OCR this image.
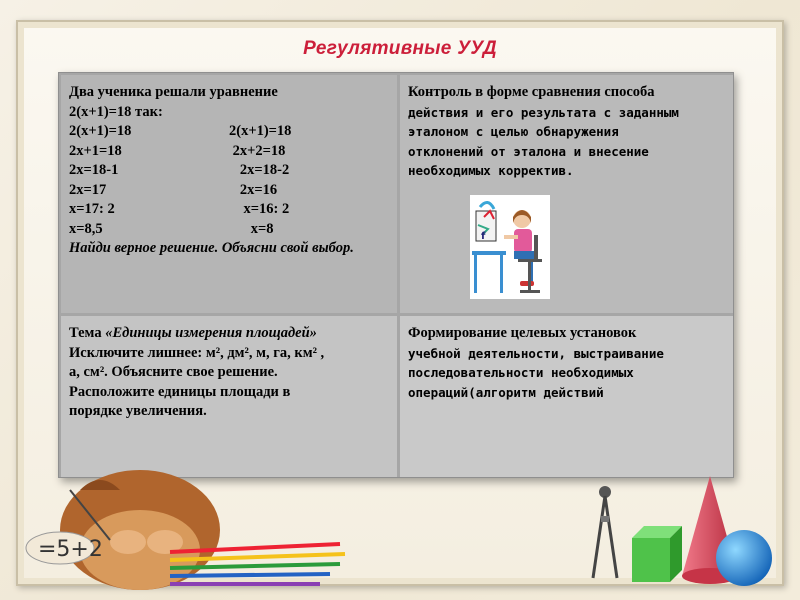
Регулятивные УУД
Два ученика решали уравнение
2(х+1)=18 так:
2(х+1)=18	2(х+1)=18
2х+1=18	2х+2=18
2х=18-1	2х=18-2
2х=17	2х=16
х=17: 2	х=16: 2
х=8,5	х=8
Найди верное решение. Объясни свой выбор.
Контроль в форме сравнения способа
действия и его результата с заданным
эталоном с целью обнаружения
отклонений от эталона и внесение
необходимых корректив.
f
Тема «Единицы измерения площадей»
Исключите лишнее: м², дм², м, га, км² ,
а, см². Объясните свое решение.
Расположите единицы площади в
порядке увеличения.
Формирование целевых установок
учебной деятельности, выстраивание
последовательности необходимых
операций(алгоритм действий
=5+2
